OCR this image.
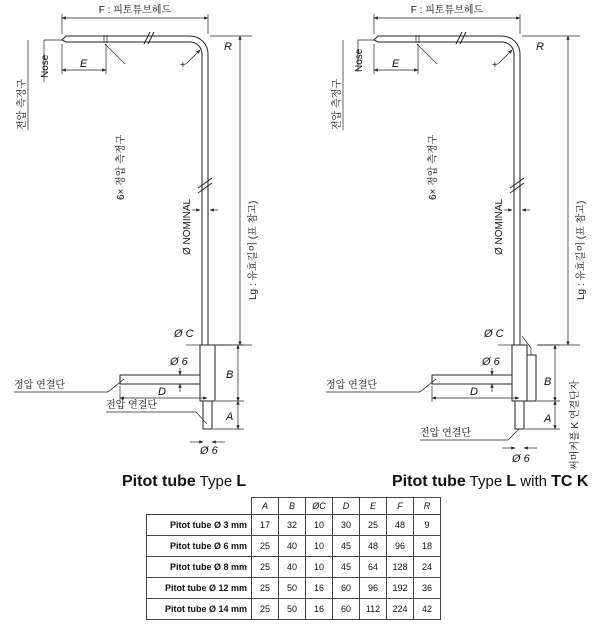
F : 피토튜브헤드
E
R
+
Nose
전압 측정구
6× 정압 측정구
Lg : 유효길이 (표 참고)
Ø NOMINAL
Ø C
Ø 6
B
A
D
정압 연결단
전압 연결단
Ø 6
Pitot tube Type L
F : 피토튜브헤드
E
R
+
Nose
전압 측정구
6× 정압 측정구
Lg : 유효길이 (표 참고)
Ø NOMINAL
Ø C
Ø 6
B
A 써머커플 K 연결단자
D
정압 연결단
전압 연결단
Ø 6
Pitot tube Type L with TC K
	A	B	ØC	D	E	F	R
Pitot tube Ø 3 mm	17	32	10	30	25	48	9
Pitot tube Ø 6 mm	25	40	10	45	48	96	18
Pitot tube Ø 8 mm	25	40	10	45	64	128	24
Pitot tube Ø 12 mm	25	50	16	60	96	192	36
Pitot tube Ø 14 mm	25	50	16	60	112	224	42
